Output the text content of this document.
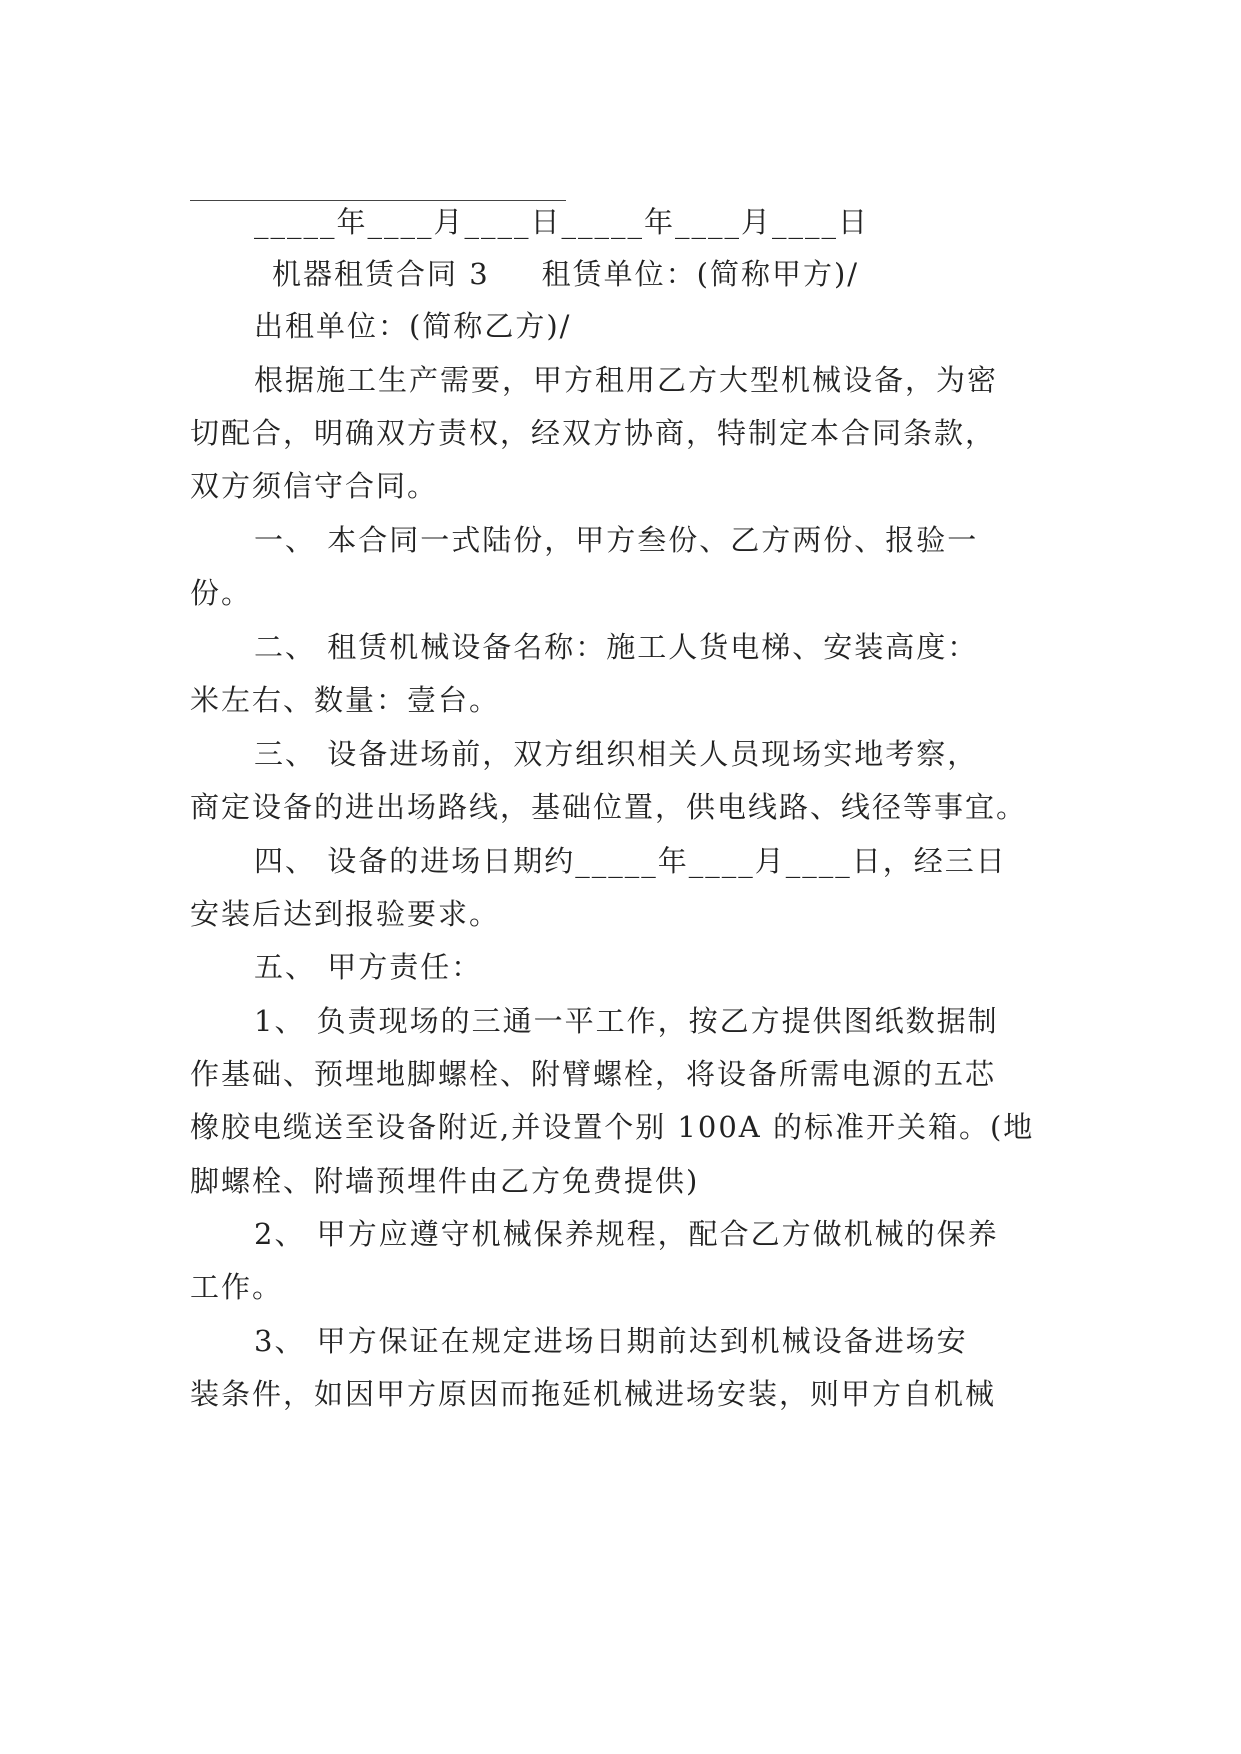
_____年____月____日_____年____月____日
机器租赁合同 3 租赁单位：(简称甲方)/
出租单位：(简称乙方)/
根据施工生产需要，甲方租用乙方大型机械设备，为密
切配合，明确双方责权，经双方协商，特制定本合同条款，
双方须信守合同。
一、 本合同一式陆份，甲方叁份、乙方两份、报验一
份。
二、 租赁机械设备名称：施工人货电梯、安装高度：
米左右、数量：壹台。
三、 设备进场前，双方组织相关人员现场实地考察，
商定设备的进出场路线，基础位置，供电线路、线径等事宜。
四、 设备的进场日期约_____年____月____日，经三日
安装后达到报验要求。
五、 甲方责任：
1、 负责现场的三通一平工作，按乙方提供图纸数据制
作基础、预埋地脚螺栓、附臂螺栓，将设备所需电源的五芯
橡胶电缆送至设备附近,并设置个别 100A 的标准开关箱。(地
脚螺栓、附墙预埋件由乙方免费提供)
2、 甲方应遵守机械保养规程，配合乙方做机械的保养
工作。
3、 甲方保证在规定进场日期前达到机械设备进场安
装条件，如因甲方原因而拖延机械进场安装，则甲方自机械
